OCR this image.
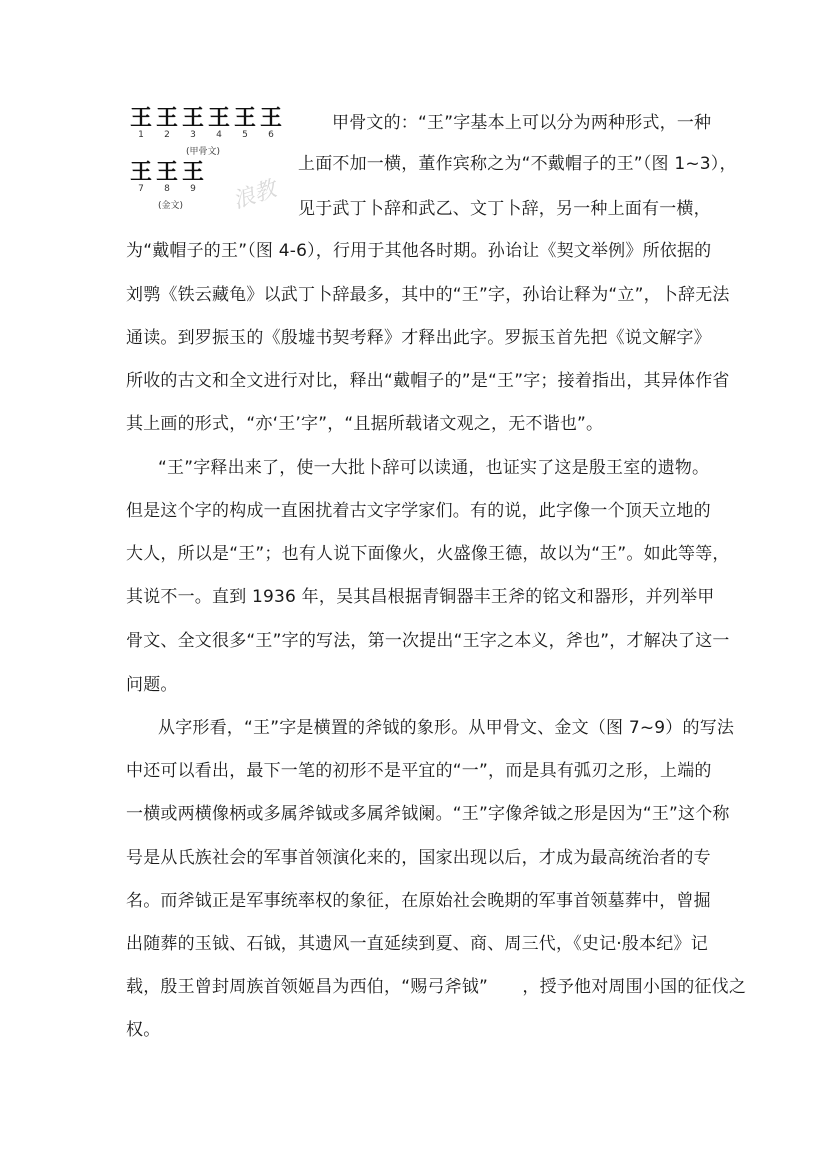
浪教
王
1
王
2
王
3
王
4
王
5
王
6
(甲骨文)
王
7
王
8
王
9
(金文)
甲骨文的：“王”字基本上可以分为两种形式，一种
上面不加一横，董作宾称之为“不戴帽子的王”（图 1~3），
见于武丁卜辞和武乙、文丁卜辞，另一种上面有一横，
为“戴帽子的王”（图 4-6），行用于其他各时期。孙诒让《契文举例》所依据的
刘鹗《铁云藏龟》以武丁卜辞最多，其中的“王”字，孙诒让释为“立”，卜辞无法
通读。到罗振玉的《殷墟书契考释》才释出此字。罗振玉首先把《说文解字》
所收的古文和全文进行对比，释出“戴帽子的”是“王”字；接着指出，其异体作省
其上画的形式，“亦‘王’字”，“且据所载诸文观之，无不谐也”。
“王”字释出来了，使一大批卜辞可以读通，也证实了这是殷王室的遗物。
但是这个字的构成一直困扰着古文字学家们。有的说，此字像一个顶天立地的
大人，所以是“王”；也有人说下面像火，火盛像王德，故以为“王”。如此等等，
其说不一。直到 1936 年，吴其昌根据青铜器丰王斧的铭文和器形，并列举甲
骨文、全文很多“王”字的写法，第一次提出“王字之本义，斧也”，才解决了这一
问题。
从字形看，“王”字是横置的斧钺的象形。从甲骨文、金文（图 7~9）的写法
中还可以看出，最下一笔的初形不是平宜的“一”，而是具有弧刃之形，上端的
一横或两横像柄或多属斧钺或多属斧钺阑。“王”字像斧钺之形是因为“王”这个称
号是从氏族社会的军事首领演化来的，国家出现以后，才成为最高统治者的专
名。而斧钺正是军事统率权的象征，在原始社会晚期的军事首领墓葬中，曾掘
出随葬的玉钺、石钺，其遗风一直延续到夏、商、周三代，《史记·殷本纪》记
载，殷王曾封周族首领姬昌为西伯，“赐弓斧钺”　　，授予他对周围小国的征伐之
权。
